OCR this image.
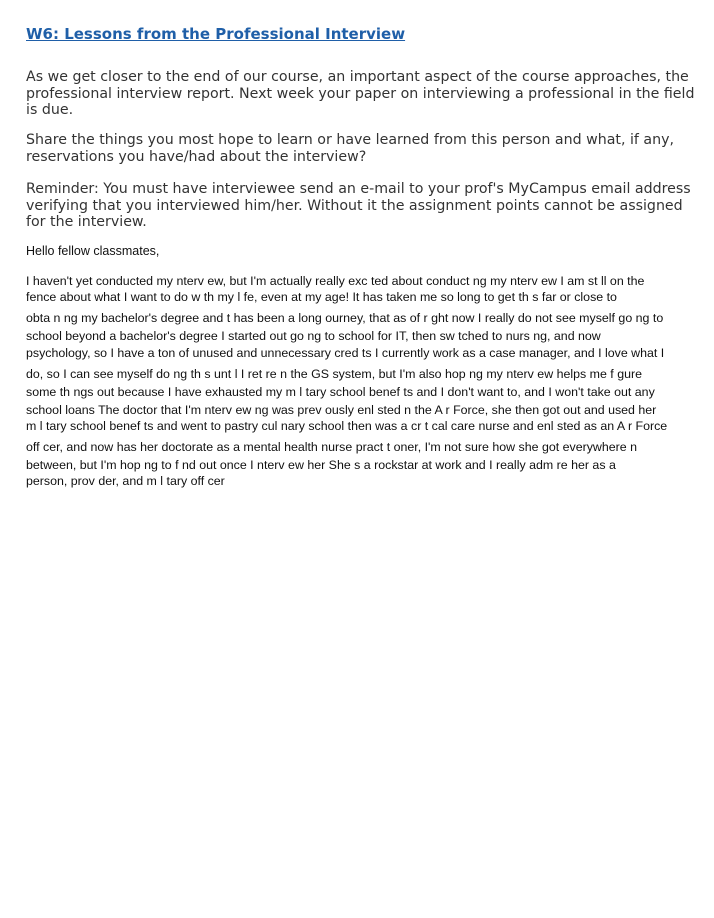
W6: Lessons from the Professional Interview

As we get closer to the end of our course, an important aspect of the course approaches, the professional interview report. Next week your paper on interviewing a professional in the field is due.

Share the things you most hope to learn or have learned from this person and what, if any, reservations you have/had about the interview?

Reminder: You must have interviewee send an e-mail to your prof's MyCampus email address verifying that you interviewed him/her. Without it the assignment points cannot be assigned for the interview.

Hello fellow classmates,

I haven't yet conducted my nterv ew, but I'm actually really exc ted about conduct ng my nterv ew I am st ll on the

fence about what I want to do w th my l fe, even at my age! It has taken me so long to get th s far or close to

obta n ng my bachelor's degree and t has been a long ourney, that as of r ght now I really do not see myself go ng to

school beyond a bachelor's degree I started out go ng to school for IT, then sw tched to nurs ng, and now

psychology, so I have a ton of unused and unnecessary cred ts I currently work as a case manager, and I love what I

do, so I can see myself do ng th s unt l I ret re n the GS system, but I'm also hop ng my nterv ew helps me f gure

some th ngs out because I have exhausted my m l tary school benef ts and I don't want to, and I won't take out any

school loans The doctor that I'm nterv ew ng was prev ously enl sted n the A r Force, she then got out and used her

m l tary school benef ts and went to pastry cul nary school then was a cr t cal care nurse and enl sted as an A r Force

off cer, and now has her doctorate as a mental health nurse pract t oner, I'm not sure how she got everywhere n

between, but I'm hop ng to f nd out once I nterv ew her She s a rockstar at work and I really adm re her as a

person, prov der, and m l tary off cer
